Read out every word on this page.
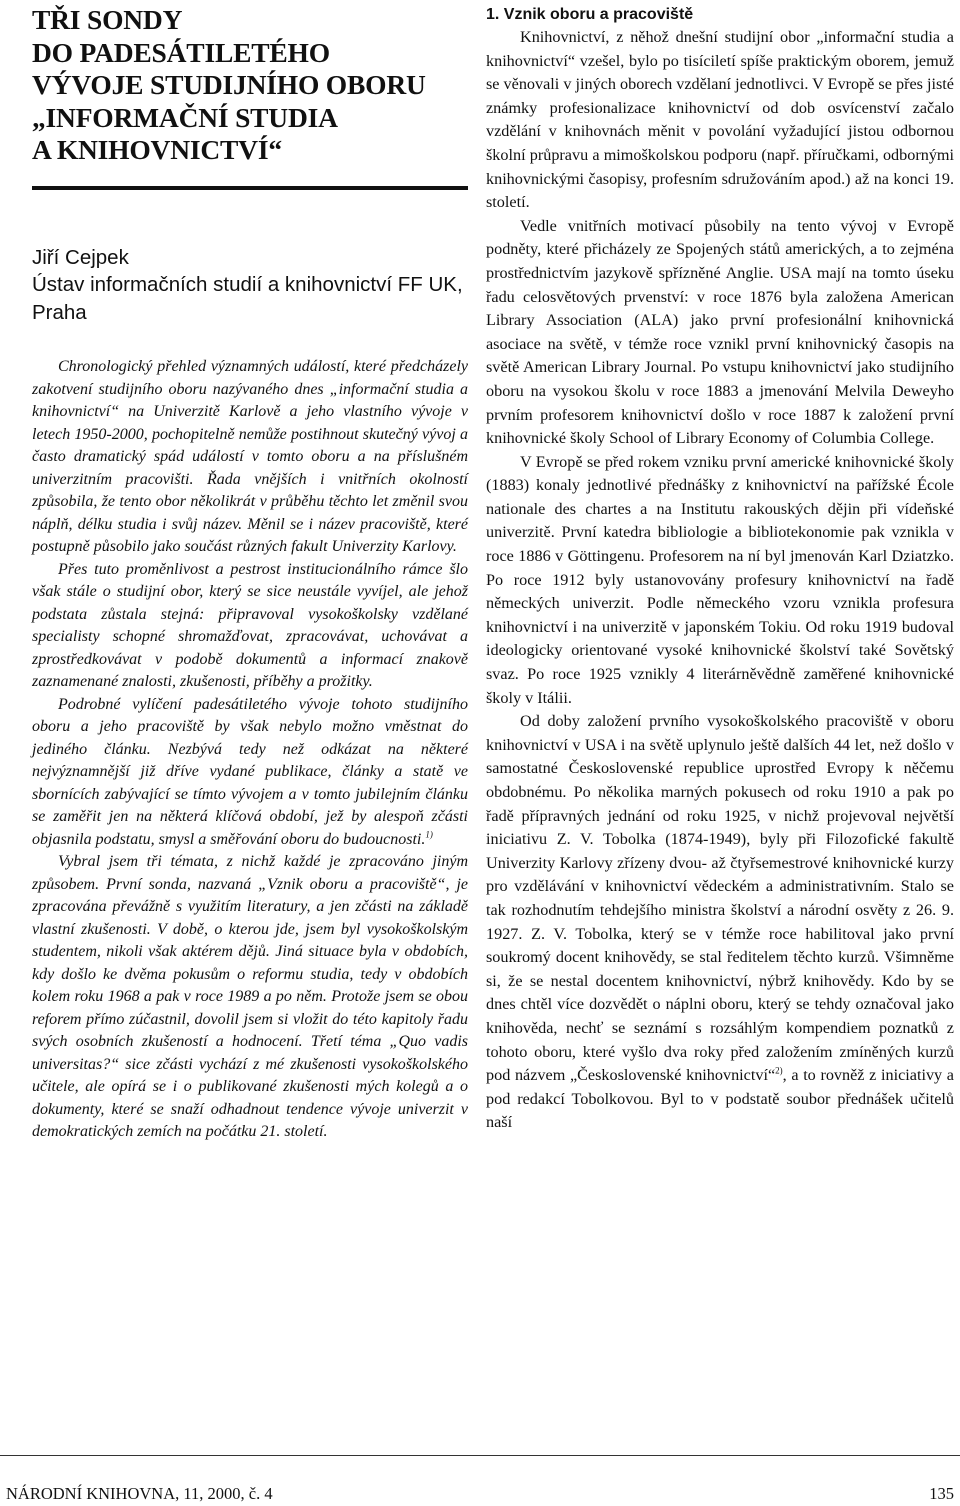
TŘI SONDY
DO PADESÁTILETÉHO
VÝVOJE STUDIJNÍHO OBORU
„INFORMAČNÍ STUDIA
A KNIHOVNICTVÍ“
Jiří Cejpek
Ústav informačních studií a knihovnictví FF UK,
Praha

Chronologický přehled významných událostí, které předcházely zakotvení studijního oboru nazývaného dnes „informační studia a knihovnictví“ na Univerzitě Karlově a jeho vlastního vývoje v letech 1950-2000, pochopitelně nemůže postihnout skutečný vývoj a často dramatický spád událostí v tomto oboru a na příslušném univerzitním pracovišti. Řada vnějších i vnitřních okolností způsobila, že tento obor několikrát v průběhu těchto let změnil svou náplň, délku studia i svůj název. Měnil se i název pracoviště, které postupně působilo jako součást různých fakult Univerzity Karlovy.

Přes tuto proměnlivost a pestrost institucionálního rámce šlo však stále o studijní obor, který se sice neustále vyvíjel, ale jehož podstata zůstala stejná: připravoval vysokoškolsky vzdělané specialisty schopné shromažďovat, zpracovávat, uchovávat a zprostředkovávat v podobě dokumentů a informací znakově zaznamenané znalosti, zkušenosti, příběhy a prožitky.

Podrobné vylíčení padesátiletého vývoje tohoto studijního oboru a jeho pracoviště by však nebylo možno vměstnat do jediného článku. Nezbývá tedy než odkázat na některé nejvýznamnější již dříve vydané publikace, články a statě ve sbornících zabývající se tímto vývojem a v tomto jubilejním článku se zaměřit jen na některá klíčová období, jež by alespoň zčásti objasnila podstatu, smysl a směřování oboru do budoucnosti.$^{1)}$

Vybral jsem tři témata, z nichž každé je zpracováno jiným způsobem. První sonda, nazvaná „Vznik oboru a pracoviště“, je zpracována převážně s využitím literatury, a jen zčásti na základě vlastní zkušenosti. V době, o kterou jde, jsem byl vysokoškolským studentem, nikoli však aktérem dějů. Jiná situace byla v obdobích, kdy došlo ke dvěma pokusům o reformu studia, tedy v obdobích kolem roku 1968 a pak v roce 1989 a po něm. Protože jsem se obou reforem přímo zúčastnil, dovolil jsem si vložit do této kapitoly řadu svých osobních zkušeností a hodnocení. Třetí téma „Quo vadis universitas?“ sice zčásti vychází z mé zkušenosti vysokoškolského učitele, ale opírá se i o publikované zkušenosti mých kolegů a o dokumenty, které se snaží odhadnout tendence vývoje univerzit v demokratických zemích na počátku 21. století.

1. Vznik oboru a pracoviště

Knihovnictví, z něhož dnešní studijní obor „informační studia a knihovnictví“ vzešel, bylo po tisíciletí spíše praktickým oborem, jemuž se věnovali v jiných oborech vzdělaní jednotlivci. V Evropě se přes jisté známky profesionalizace knihovnictví od dob osvícenství začalo vzdělání v knihovnách měnit v povolání vyžadující jistou odbornou školní průpravu a mimoškolskou podporu (např. příručkami, odbornými knihovnickými časopisy, profesním sdružováním apod.) až na konci 19. století.

Vedle vnitřních motivací působily na tento vývoj v Evropě podněty, které přicházely ze Spojených států amerických, a to zejména prostřednictvím jazykově spřízněné Anglie. USA mají na tomto úseku řadu celosvětových prvenství: v roce 1876 byla založena American Library Association (ALA) jako první profesionální knihovnická asociace na světě, v témže roce vznikl první knihovnický časopis na světě American Library Journal. Po vstupu knihovnictví jako studijního oboru na vysokou školu v roce 1883 a jmenování Melvila Deweyho prvním profesorem knihovnictví došlo v roce 1887 k založení první knihovnické školy School of Library Economy of Columbia College.

V Evropě se před rokem vzniku první americké knihovnické školy (1883) konaly jednotlivé přednášky z knihovnictví na pařížské École nationale des chartes a na Institutu rakouských dějin při vídeňské univerzitě. První katedra bibliologie a bibliotekonomie pak vznikla v roce 1886 v Göttingenu. Profesorem na ní byl jmenován Karl Dziatzko. Po roce 1912 byly ustanovovány profesury knihovnictví na řadě německých univerzit. Podle německého vzoru vznikla profesura knihovnictví i na univerzitě v japonském Tokiu. Od roku 1919 budoval ideologicky orientované vysoké knihovnické školství také Sovětský svaz. Po roce 1925 vznikly 4 literárněvědně zaměřené knihovnické školy v Itálii.

Od doby založení prvního vysokoškolského pracoviště v oboru knihovnictví v USA i na světě uplynulo ještě dalších 44 let, než došlo v samostatné Československé republice uprostřed Evropy k něčemu obdobnému. Po několika marných pokusech od roku 1910 a pak po řadě přípravných jednání od roku 1925, v nichž projevoval největší iniciativu Z. V. Tobolka (1874-1949), byly při Filozofické fakultě Univerzity Karlovy zřízeny dvou- až čtyřsemestrové knihovnické kurzy pro vzdělávání v knihovnictví vědeckém a administrativním. Stalo se tak rozhodnutím tehdejšího ministra školství a národní osvěty z 26. 9. 1927. Z. V. Tobolka, který se v témže roce habilitoval jako první soukromý docent knihovědy, se stal ředitelem těchto kurzů. Všimněme si, že se nestal docentem knihovnictví, nýbrž knihovědy. Kdo by se dnes chtěl více dozvědět o náplni oboru, který se tehdy označoval jako knihověda, nechť se seznámí s rozsáhlým kompendiem poznatků z tohoto oboru, které vyšlo dva roky před založením zmíněných kurzů pod názvem „Československé knihovnictví“$^{2)}$, a to rovněž z iniciativy a pod redakcí Tobolkovou. Byl to v podstatě soubor přednášek učitelů naší

NÁRODNÍ KNIHOVNA, 11, 2000, č. 4	135
